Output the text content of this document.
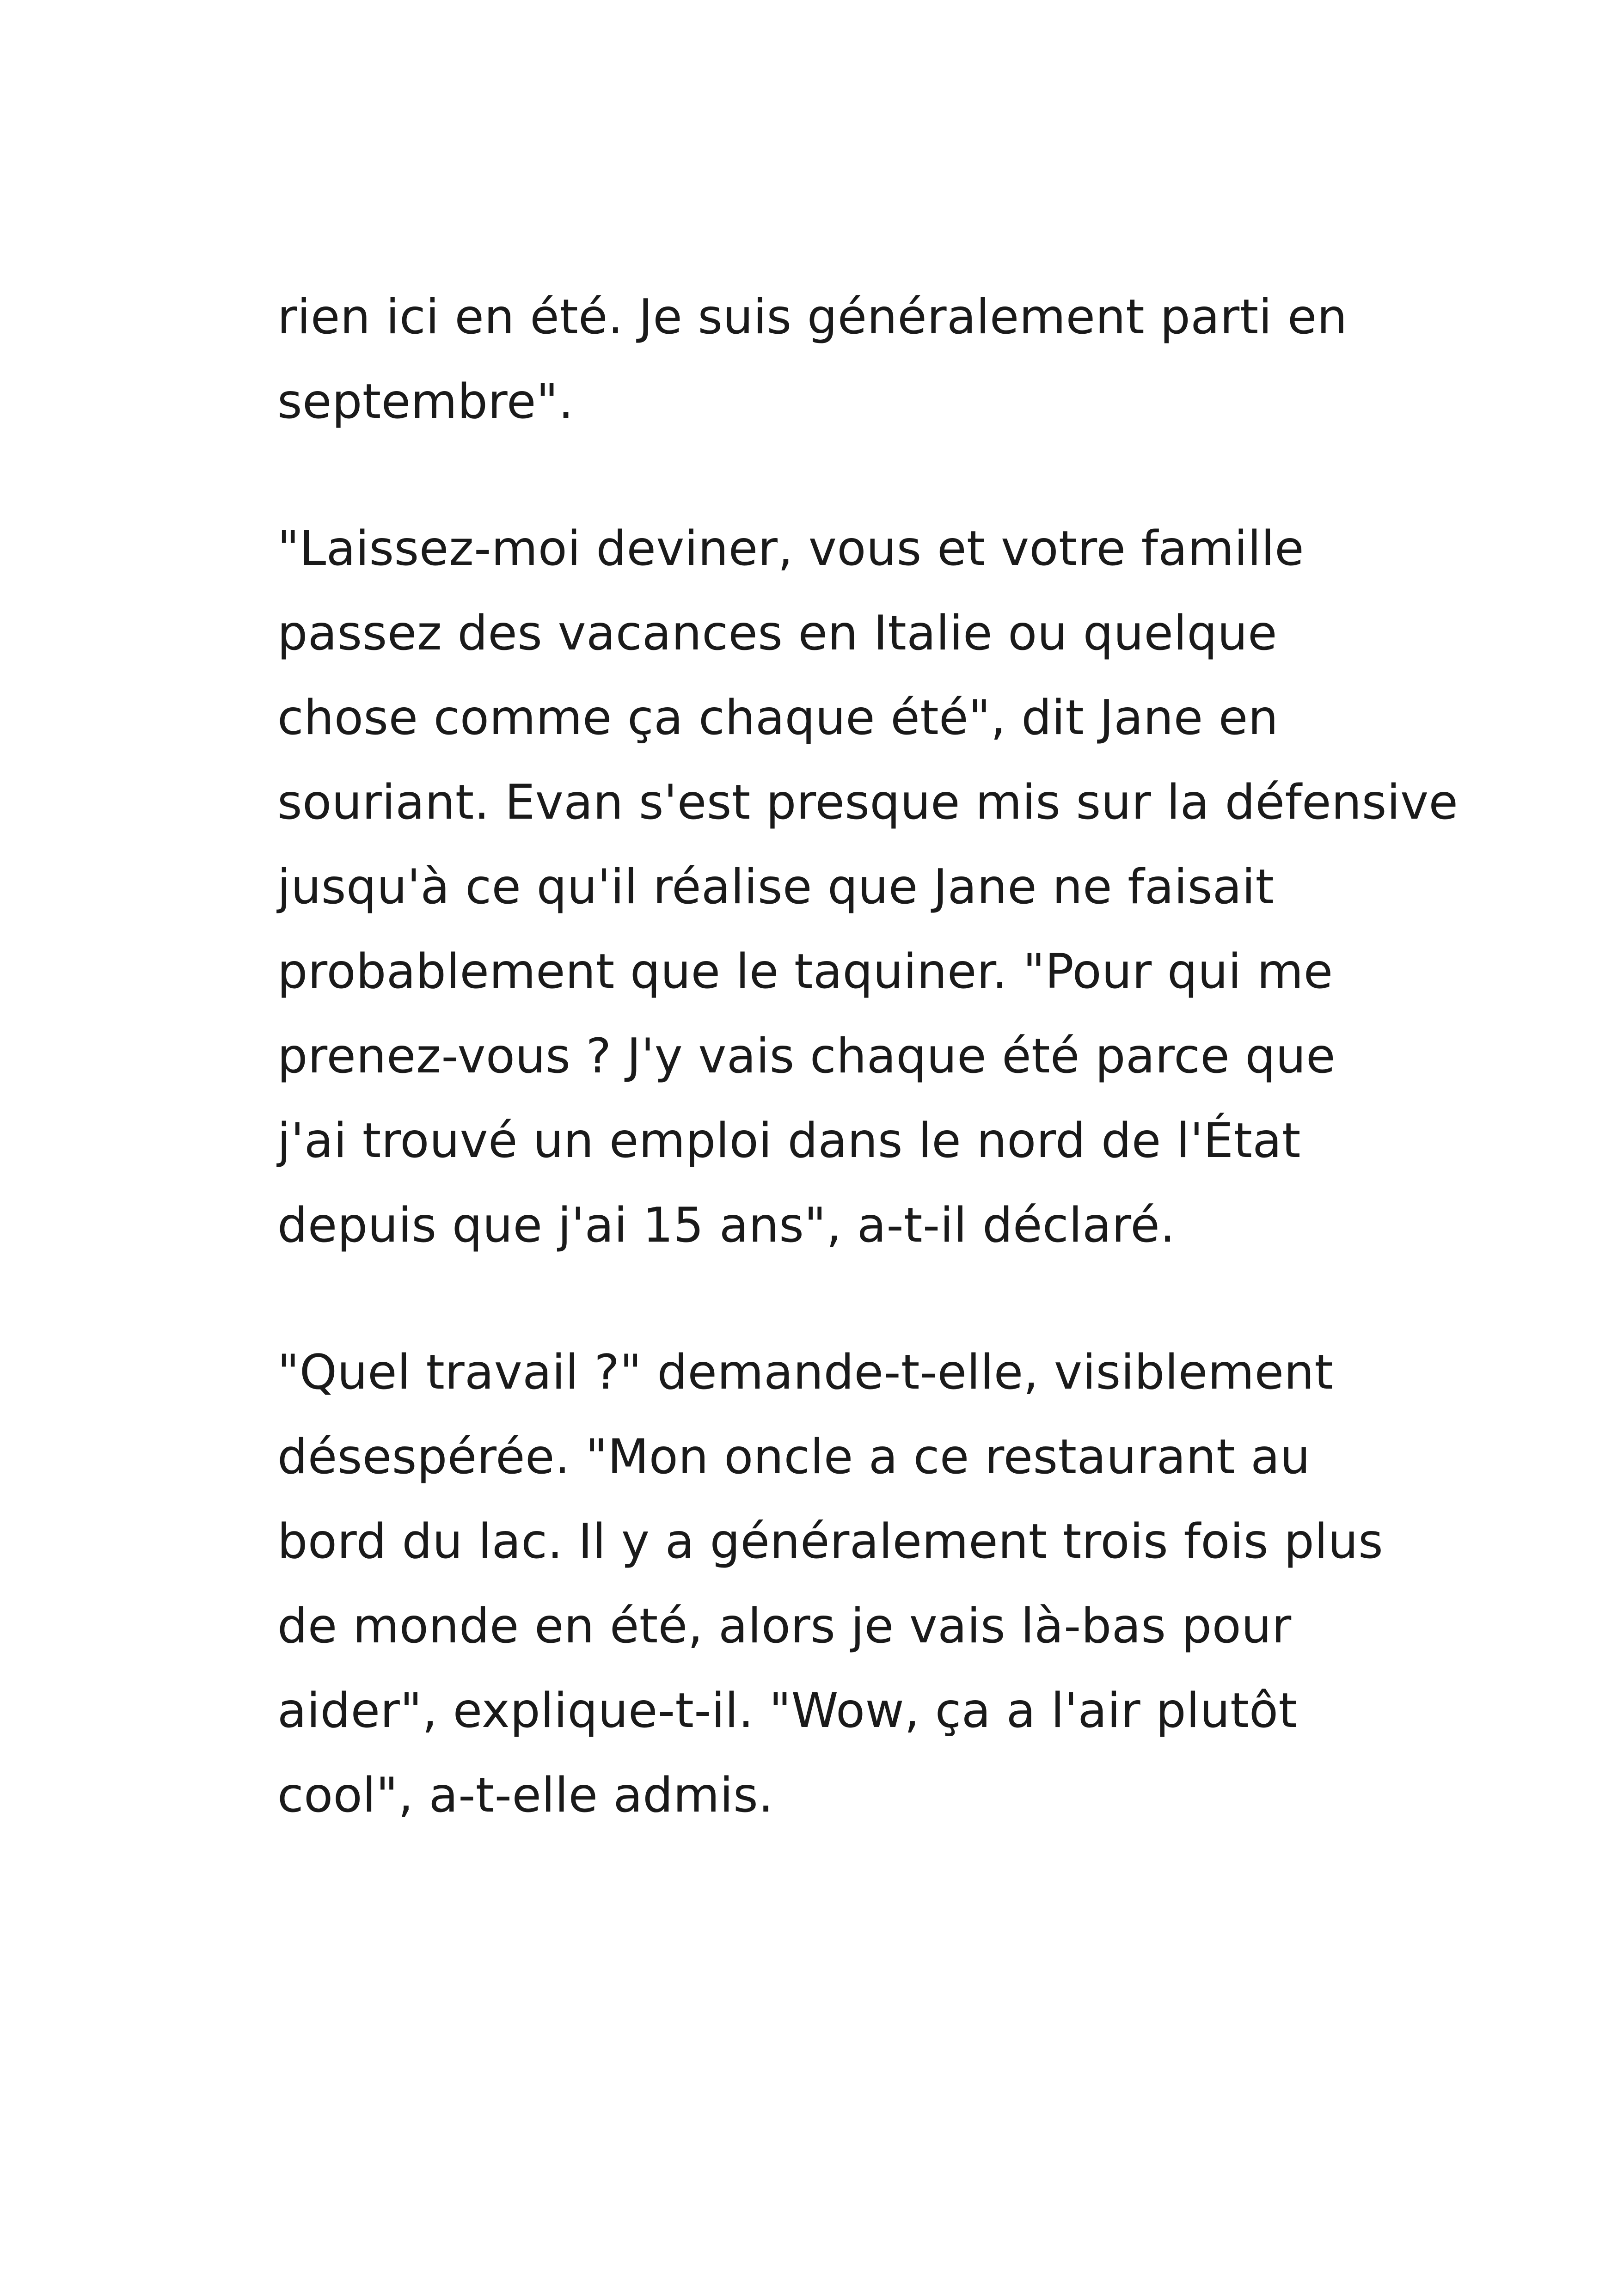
rien ici en été. Je suis généralement parti en
septembre".
"Laissez-moi deviner, vous et votre famille
passez des vacances en Italie ou quelque
chose comme ça chaque été", dit Jane en
souriant. Evan s'est presque mis sur la défensive
jusqu'à ce qu'il réalise que Jane ne faisait
probablement que le taquiner. "Pour qui me
prenez-vous ? J'y vais chaque été parce que
j'ai trouvé un emploi dans le nord de l'État
depuis que j'ai 15 ans", a-t-il déclaré.
"Quel travail ?" demande-t-elle, visiblement
désespérée. "Mon oncle a ce restaurant au
bord du lac. Il y a généralement trois fois plus
de monde en été, alors je vais là-bas pour
aider", explique-t-il. "Wow, ça a l'air plutôt
cool", a-t-elle admis.
